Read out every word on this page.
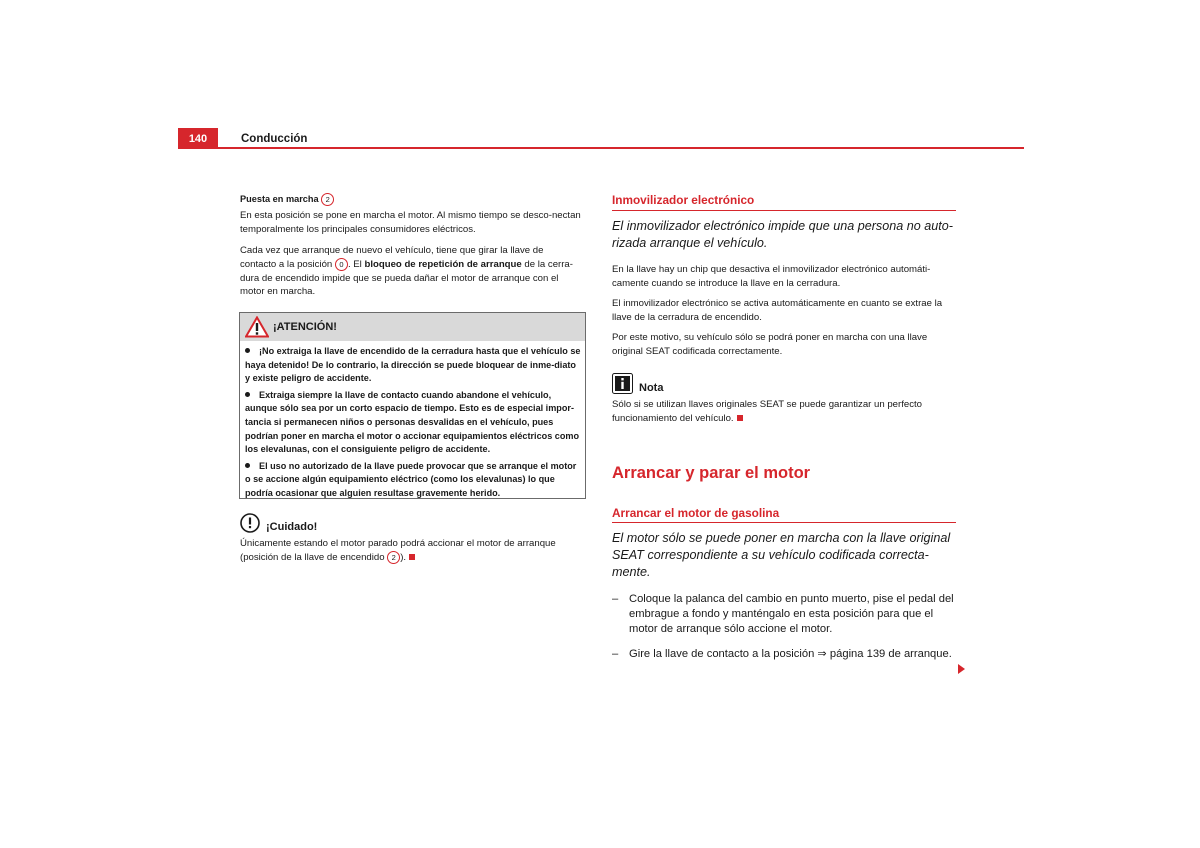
140	Conducción
Puesta en marcha 2
En esta posición se pone en marcha el motor. Al mismo tiempo se desco-nectan temporalmente los principales consumidores eléctricos.
Cada vez que arranque de nuevo el vehículo, tiene que girar la llave de contacto a la posición 0 . El bloqueo de repetición de arranque de la cerra-dura de encendido impide que se pueda dañar el motor de arranque con el motor en marcha.
¡ATENCIÓN!
¡No extraiga la llave de encendido de la cerradura hasta que el vehículo se haya detenido! De lo contrario, la dirección se puede bloquear de inme-diato y existe peligro de accidente.
Extraiga siempre la llave de contacto cuando abandone el vehículo, aunque sólo sea por un corto espacio de tiempo. Esto es de especial impor-tancia si permanecen niños o personas desvalidas en el vehículo, pues podrían poner en marcha el motor o accionar equipamientos eléctricos como los elevalunas, con el consiguiente peligro de accidente.
El uso no autorizado de la llave puede provocar que se arranque el motor o se accione algún equipamiento eléctrico (como los elevalunas) lo que podría ocasionar que alguien resultase gravemente herido.
¡Cuidado!
Únicamente estando el motor parado podrá accionar el motor de arranque (posición de la llave de encendido 2 ).
Inmovilizador electrónico
El inmovilizador electrónico impide que una persona no auto-rizada arranque el vehículo.
En la llave hay un chip que desactiva el inmovilizador electrónico automáti-camente cuando se introduce la llave en la cerradura.
El inmovilizador electrónico se activa automáticamente en cuanto se extrae la llave de la cerradura de encendido.
Por este motivo, su vehículo sólo se podrá poner en marcha con una llave original SEAT codificada correctamente.
Nota
Sólo si se utilizan llaves originales SEAT se puede garantizar un perfecto funcionamiento del vehículo.
Arrancar y parar el motor
Arrancar el motor de gasolina
El motor sólo se puede poner en marcha con la llave original SEAT correspondiente a su vehículo codificada correcta-mente.
– Coloque la palanca del cambio en punto muerto, pise el pedal del embrague a fondo y manténgalo en esta posición para que el motor de arranque sólo accione el motor.
– Gire la llave de contacto a la posición ⇒ página 139 de arranque.
